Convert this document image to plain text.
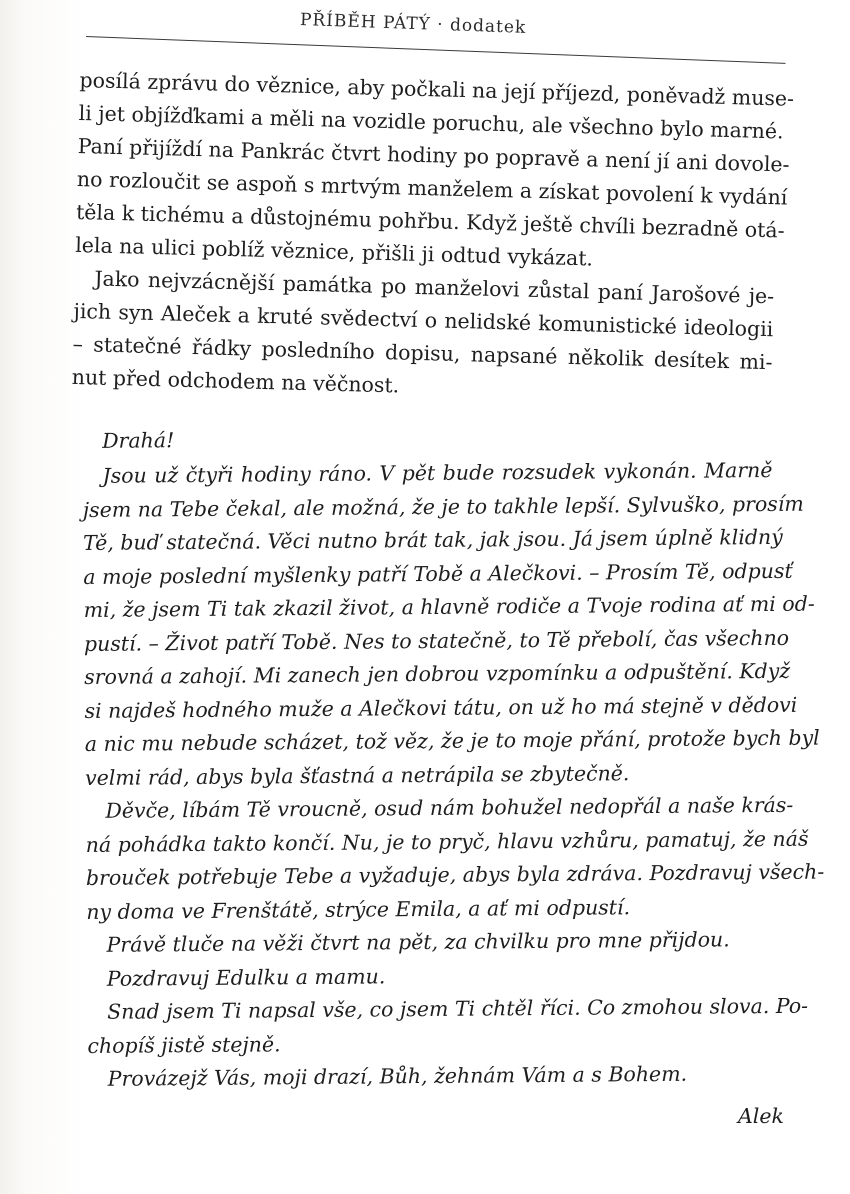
PŘÍBĚH PÁTÝ · dodatek
posílá zprávu do věznice, aby počkali na její příjezd, poněvadž muse-
li jet objížďkami a měli na vozidle poruchu, ale všechno bylo marné.
Paní přijíždí na Pankrác čtvrt hodiny po popravě a není jí ani dovole-
no rozloučit se aspoň s mrtvým manželem a získat povolení k vydání
těla k tichému a důstojnému pohřbu. Když ještě chvíli bezradně otá-
lela na ulici poblíž věznice, přišli ji odtud vykázat.
Jako nejvzácnější památka po manželovi zůstal paní Jarošové je-
jich syn Aleček a kruté svědectví o nelidské komunistické ideologii
– statečné řádky posledního dopisu, napsané několik desítek mi-
nut před odchodem na věčnost.
Drahá!
Jsou už čtyři hodiny ráno. V pět bude rozsudek vykonán. Marně
jsem na Tebe čekal, ale možná, že je to takhle lepší. Sylvuško, prosím
Tě, buď statečná. Věci nutno brát tak, jak jsou. Já jsem úplně klidný
a moje poslední myšlenky patří Tobě a Alečkovi. – Prosím Tě, odpusť
mi, že jsem Ti tak zkazil život, a hlavně rodiče a Tvoje rodina ať mi od-
pustí. – Život patří Tobě. Nes to statečně, to Tě přebolí, čas všechno
srovná a zahojí. Mi zanech jen dobrou vzpomínku a odpuštění. Když
si najdeš hodného muže a Alečkovi tátu, on už ho má stejně v dědovi
a nic mu nebude scházet, tož věz, že je to moje přání, protože bych byl
velmi rád, abys byla šťastná a netrápila se zbytečně.
Děvče, líbám Tě vroucně, osud nám bohužel nedopřál a naše krás-
ná pohádka takto končí. Nu, je to pryč, hlavu vzhůru, pamatuj, že náš
brouček potřebuje Tebe a vyžaduje, abys byla zdráva. Pozdravuj všech-
ny doma ve Frenštátě, strýce Emila, a ať mi odpustí.
Právě tluče na věži čtvrt na pět, za chvilku pro mne přijdou.
Pozdravuj Edulku a mamu.
Snad jsem Ti napsal vše, co jsem Ti chtěl říci. Co zmohou slova. Po-
chopíš jistě stejně.
Provázejž Vás, moji drazí, Bůh, žehnám Vám a s Bohem.
Alek
